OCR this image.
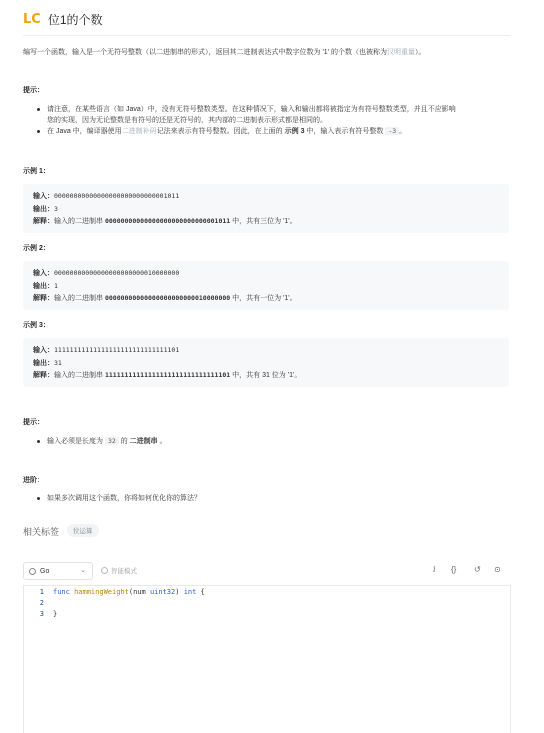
LC 位1的个数
编写一个函数，输入是一个无符号整数（以二进制串的形式），返回其二进制表达式中数字位数为 '1' 的个数（也被称为汉明重量）。
提示：
请注意，在某些语言（如 Java）中，没有无符号整数类型。在这种情况下，输入和输出都将被指定为有符号整数类型，并且不应影响
您的实现，因为无论整数是有符号的还是无符号的，其内部的二进制表示形式都是相同的。
在 Java 中，编译器使用二进制补码记法来表示有符号整数。因此，在上面的 示例 3 中，输入表示有符号整数 -3 。
示例 1：
输入：00000000000000000000000000001011
输出：3
解释：输入的二进制串 00000000000000000000000000001011 中，共有三位为 '1'。
示例 2：
输入：00000000000000000000000010000000
输出：1
解释：输入的二进制串 00000000000000000000000010000000 中，共有一位为 '1'。
示例 3：
输入：11111111111111111111111111111101
输出：31
解释：输入的二进制串 11111111111111111111111111111101 中，共有 31 位为 '1'。
提示：
输入必须是长度为 32 的 二进制串 。
进阶：
如果多次调用这个函数，你将如何优化你的算法？
相关标签	位运算
Go	⌄	智能模式	i {} ↺ ⊙
1
2
3
func hammingWeight(num uint32) int {
}
